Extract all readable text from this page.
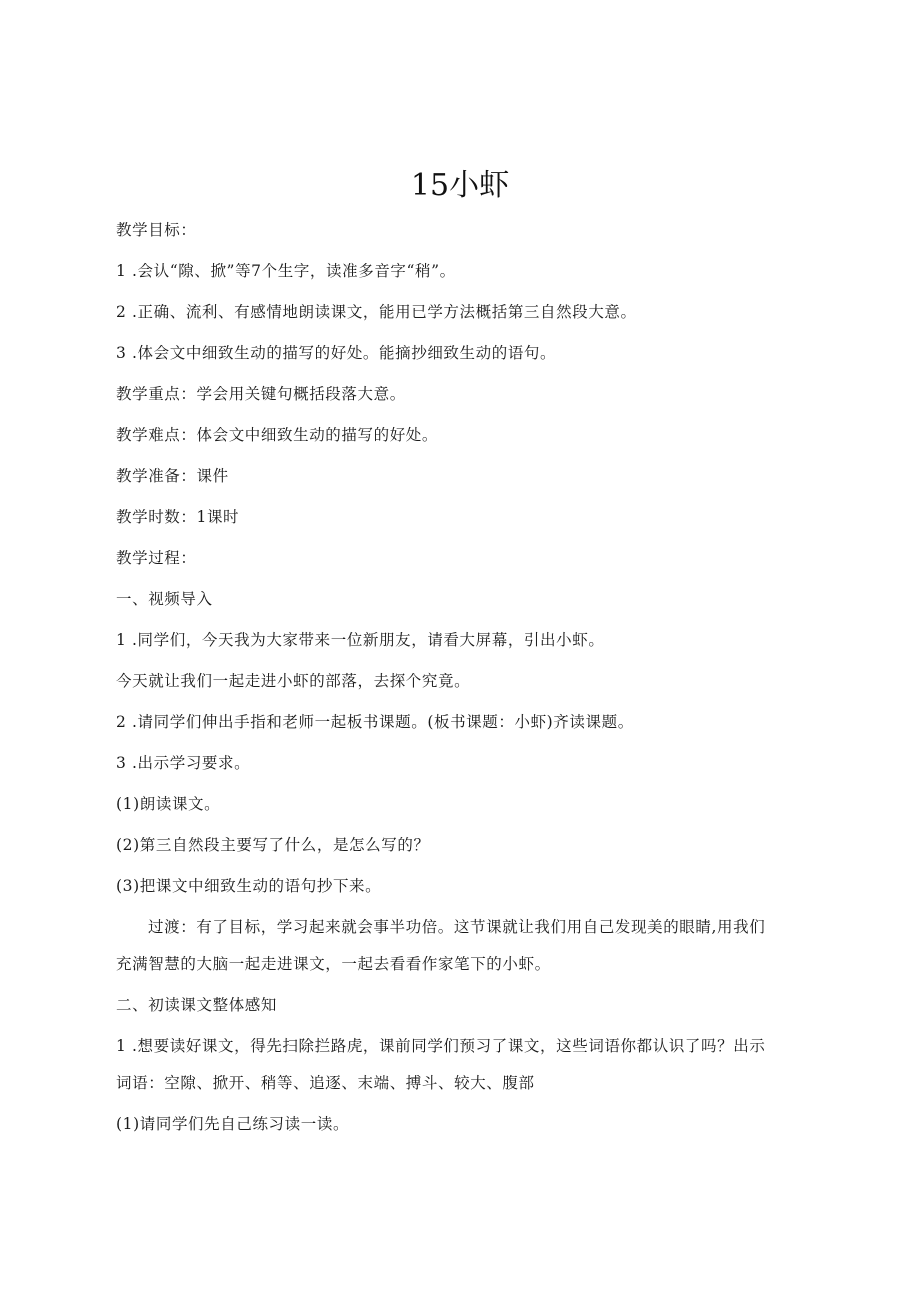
15小虾
教学目标：
1 .会认“隙、掀”等7个生字，读准多音字“稍”。
2 .正确、流利、有感情地朗读课文，能用已学方法概括第三自然段大意。
3 .体会文中细致生动的描写的好处。能摘抄细致生动的语句。
教学重点：学会用关键句概括段落大意。
教学难点：体会文中细致生动的描写的好处。
教学准备：课件
教学时数：1课时
教学过程：
一、视频导入
1 .同学们，今天我为大家带来一位新朋友，请看大屏幕，引出小虾。
今天就让我们一起走进小虾的部落，去探个究竟。
2 .请同学们伸出手指和老师一起板书课题。(板书课题：小虾)齐读课题。
3 .出示学习要求。
(1)朗读课文。
(2)第三自然段主要写了什么，是怎么写的？
(3)把课文中细致生动的语句抄下来。
过渡：有了目标，学习起来就会事半功倍。这节课就让我们用自己发现美的眼睛,用我们
充满智慧的大脑一起走进课文，一起去看看作家笔下的小虾。
二、初读课文整体感知
1 .想要读好课文，得先扫除拦路虎，课前同学们预习了课文，这些词语你都认识了吗？出示
词语：空隙、掀开、稍等、追逐、末端、搏斗、较大、腹部
(1)请同学们先自己练习读一读。
